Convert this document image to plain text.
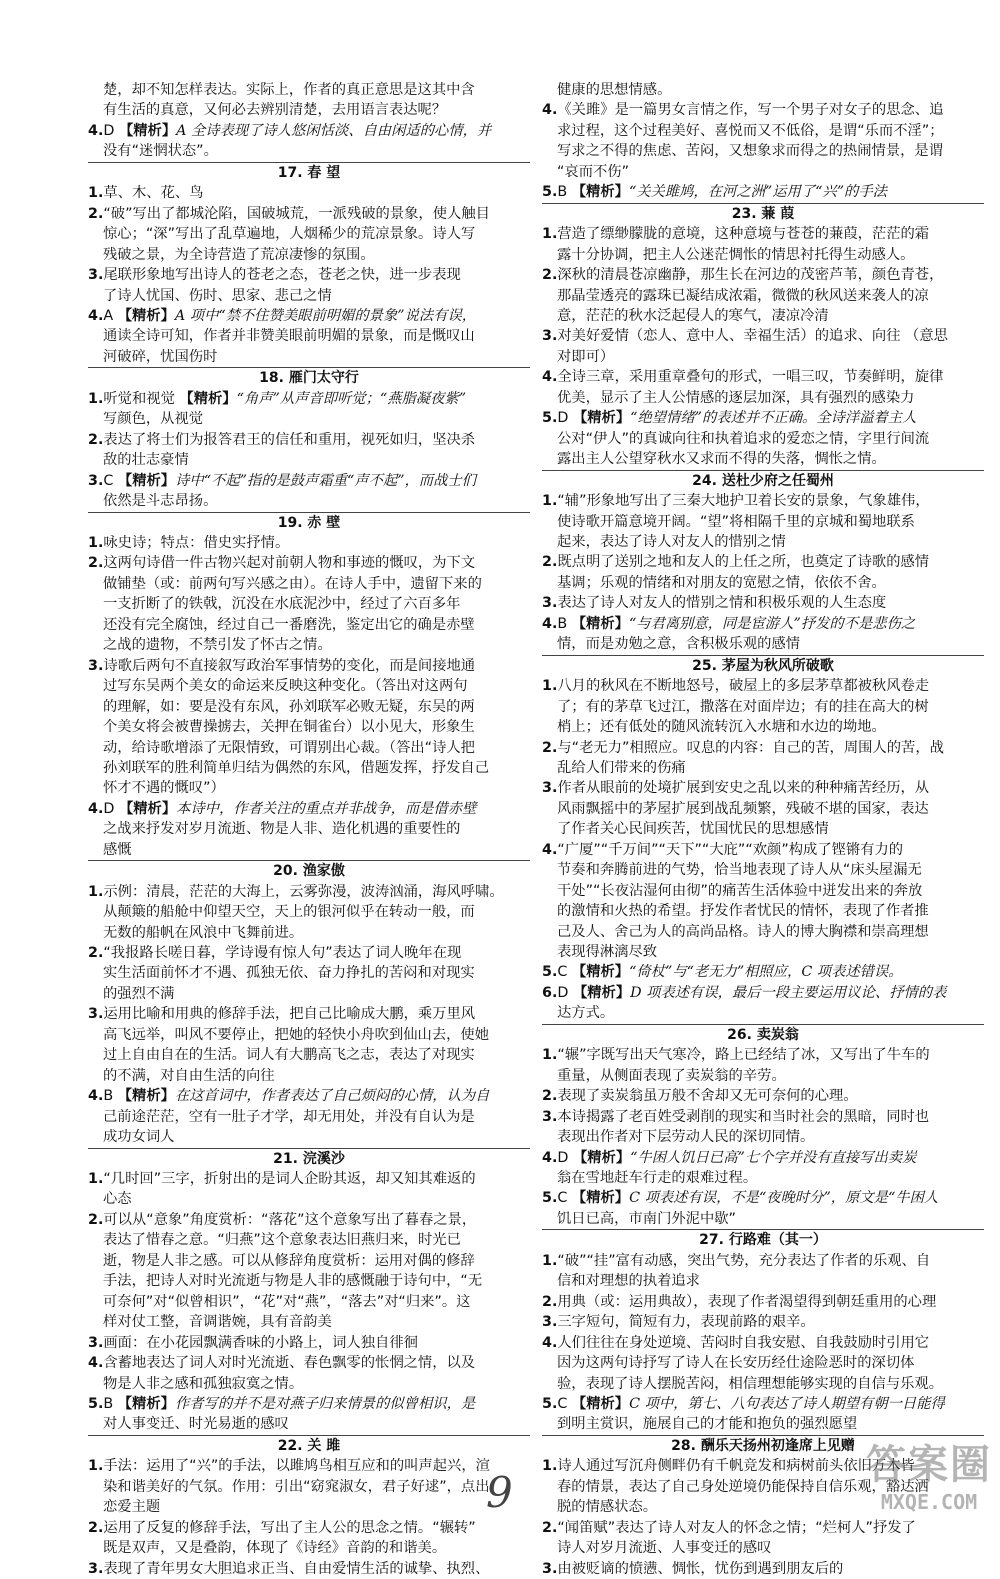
楚，却不知怎样表达。实际上，作者的真正意思是这其中含
有生活的真意，又何必去辨别清楚，去用语言表达呢？
4.D 【精析】A 全诗表现了诗人悠闲恬淡、自由闲适的心情，并
没有“迷惘状态”。
17. 春 望
1.草、木、花、鸟
2.“破”写出了都城沦陷，国破城荒，一派残破的景象，使人触目
惊心；“深”写出了乱草遍地，人烟稀少的荒凉景象。诗人写
残破之景，为全诗营造了荒凉凄惨的氛围。
3.尾联形象地写出诗人的苍老之态，苍老之快，进一步表现
了诗人忧国、伤时、思家、悲己之情
4.A 【精析】A 项中“禁不住赞美眼前明媚的景象”说法有误，
通读全诗可知，作者并非赞美眼前明媚的景象，而是慨叹山
河破碎，忧国伤时
18. 雁门太守行
1.听觉和视觉 【精析】“角声”从声音即听觉；“燕脂凝夜紫”
写颜色，从视觉
2.表达了将士们为报答君王的信任和重用，视死如归，坚决杀
敌的壮志豪情
3.C 【精析】诗中“不起”指的是鼓声霜重“声不起”，而战士们
依然是斗志昂扬。
19. 赤 壁
1.咏史诗；特点：借史实抒情。
2.这两句诗借一件古物兴起对前朝人物和事迹的慨叹，为下文
做铺垫（或：前两句写兴感之由）。在诗人手中，遗留下来的
一支折断了的铁戟，沉没在水底泥沙中，经过了六百多年
还没有完全腐蚀，经过自己一番磨洗，鉴定出它的确是赤壁
之战的遗物，不禁引发了怀古之情。
3.诗歌后两句不直接叙写政治军事情势的变化，而是间接地通
过写东吴两个美女的命运来反映这种变化。（答出对这两句
的理解，如：要是没有东风，孙刘联军必败无疑，东吴的两
个美女将会被曹操掳去，关押在铜雀台）以小见大，形象生
动，给诗歌增添了无限情致，可谓别出心裁。（答出“诗人把
孙刘联军的胜利简单归结为偶然的东风，借题发挥，抒发自己
怀才不遇的慨叹”）
4.D 【精析】本诗中，作者关注的重点并非战争，而是借赤壁
之战来抒发对岁月流逝、物是人非、造化机遇的重要性的
感慨
20. 渔家傲
1.示例：清晨，茫茫的大海上，云雾弥漫，波涛汹涌，海风呼啸。
从颠簸的船舱中仰望天空，天上的银河似乎在转动一般，而
无数的船帆在风浪中飞舞前进。
2.“我报路长嗟日暮，学诗谩有惊人句”表达了词人晚年在现
实生活面前怀才不遇、孤独无依、奋力挣扎的苦闷和对现实
的强烈不满
3.运用比喻和用典的修辞手法，把自己比喻成大鹏，乘万里风
高飞远举，叫风不要停止，把她的轻快小舟吹到仙山去，使她
过上自由自在的生活。词人有大鹏高飞之志，表达了对现实
的不满，对自由生活的向往
4.B 【精析】在这首词中，作者表达了自己烦闷的心情，认为自
己前途茫茫，空有一肚子才学，却无用处，并没有自认为是
成功女词人
21. 浣溪沙
1.“几时回”三字，折射出的是词人企盼其返，却又知其难返的
心态
2.可以从“意象”角度赏析：“落花”这个意象写出了暮春之景，
表达了惜春之意。“归燕”这个意象表达旧燕归来，时光已
逝，物是人非之感。可以从修辞角度赏析：运用对偶的修辞
手法，把诗人对时光流逝与物是人非的感慨融于诗句中，“无
可奈何”对“似曾相识”，“花”对“燕”，“落去”对“归来”。这
样对仗工整，音调谐婉，具有音韵美
3.画面：在小花园飘满香味的小路上，词人独自徘徊
4.含蓄地表达了词人对时光流逝、春色飘零的怅惘之情，以及
物是人非之感和孤独寂寞之情。
5.B 【精析】作者写的并不是对燕子归来情景的似曾相识，是
对人事变迁、时光易逝的感叹
22. 关 雎
1.手法：运用了“兴”的手法，以雎鸠鸟相互应和的叫声起兴，渲
染和谐美好的气氛。作用：引出“窈窕淑女，君子好逑”，点出
恋爱主题
2.运用了反复的修辞手法，写出了主人公的思念之情。“辗转”
既是双声，又是叠韵，体现了《诗经》音韵的和谐美。
3.表现了青年男女大胆追求正当、自由爱情生活的诚挚、执烈、
健康的思想情感。
4.《关雎》是一篇男女言情之作，写一个男子对女子的思念、追
求过程，这个过程美好、喜悦而又不低俗，是谓“乐而不淫”；
写求之不得的焦虑、苦闷，又想象求而得之的热闹情景，是谓
“哀而不伤”
5.B 【精析】“关关雎鸠，在河之洲”运用了“兴”的手法
23. 蒹 葭
1.营造了缥缈朦胧的意境，这种意境与苍苍的蒹葭，茫茫的霜
露十分协调，把主人公迷茫惆怅的情思衬托得生动感人。
2.深秋的清晨苍凉幽静，那生长在河边的茂密芦苇，颜色青苍，
那晶莹透亮的露珠已凝结成浓霜，微微的秋风送来袭人的凉
意，茫茫的秋水泛起侵人的寒气，凄凉冷清
3.对美好爱情（恋人、意中人、幸福生活）的追求、向往 （意思
对即可）
4.全诗三章，采用重章叠句的形式，一唱三叹，节奏鲜明，旋律
优美，显示了主人公情感的逐层加深，具有强烈的感染力
5.D 【精析】“绝望情绪”的表述并不正确。全诗洋溢着主人
公对“伊人”的真诚向往和执着追求的爱恋之情，字里行间流
露出主人公望穿秋水又求而不得的失落，惆怅之情。
24. 送杜少府之任蜀州
1.“辅”形象地写出了三秦大地护卫着长安的景象，气象雄伟，
使诗歌开篇意境开阔。“望”将相隔千里的京城和蜀地联系
起来，表达了诗人对友人的惜别之情
2.既点明了送别之地和友人的上任之所，也奠定了诗歌的感情
基调；乐观的情绪和对朋友的宽慰之情，依依不舍。
3.表达了诗人对友人的惜别之情和积极乐观的人生态度
4.B 【精析】“与君离别意，同是宦游人”抒发的不是悲伤之
情，而是劝勉之意，含积极乐观的感情
25. 茅屋为秋风所破歌
1.八月的秋风在不断地怒号，破屋上的多层茅草都被秋风卷走
了；有的茅草飞过江，撒落在对面岸边；有的挂在高大的树
梢上；还有低处的随风流转沉入水塘和水边的坳地。
2.与“老无力”相照应。叹息的内容：自己的苦，周围人的苦，战
乱给人们带来的伤痛
3.作者从眼前的处境扩展到安史之乱以来的种种痛苦经历，从
风雨飘摇中的茅屋扩展到战乱频繁，残破不堪的国家，表达
了作者关心民间疾苦，忧国忧民的思想感情
4.“广厦”“千万间”“天下”“大庇”“欢颜”构成了铿锵有力的
节奏和奔腾前进的气势，恰当地表现了诗人从“床头屋漏无
干处”“长夜沾湿何由彻”的痛苦生活体验中迸发出来的奔放
的激情和火热的希望。抒发作者忧民的情怀，表现了作者推
己及人、舍己为人的高尚品格。诗人的博大胸襟和崇高理想
表现得淋漓尽致
5.C 【精析】“倚杖”与“老无力”相照应，C 项表述错误。
6.D 【精析】D 项表述有误，最后一段主要运用议论、抒情的表
达方式。
26. 卖炭翁
1.“辗”字既写出天气寒冷，路上已经结了冰，又写出了牛车的
重量，从侧面表现了卖炭翁的辛劳。
2.表现了卖炭翁虽万般不舍却又无可奈何的心理。
3.本诗揭露了老百姓受剥削的现实和当时社会的黑暗，同时也
表现出作者对下层劳动人民的深切同情。
4.D 【精析】“牛困人饥日已高”七个字并没有直接写出卖炭
翁在雪地赶车行走的艰难过程。
5.C 【精析】C 项表述有误，不是“夜晚时分”，原文是“牛困人
饥日已高，市南门外泥中歇”
27. 行路难（其一）
1.“破”“挂”富有动感，突出气势，充分表达了作者的乐观、自
信和对理想的执着追求
2.用典（或：运用典故），表现了作者渴望得到朝廷重用的心理
3.三字短句，简短有力，表现前路的艰辛。
4.人们往往在身处逆境、苦闷时自我安慰、自我鼓励时引用它
因为这两句诗抒写了诗人在长安历经仕途险恶时的深切体
验，表现了诗人摆脱苦闷，相信理想能够实现的自信与乐观。
5.C 【精析】C 项中，第七、八句表达了诗人期望有朝一日能得
到明主赏识，施展自己的才能和抱负的强烈愿望
28. 酬乐天扬州初逢席上见赠
1.诗人通过写沉舟侧畔仍有千帆竞发和病树前头依旧万木皆
春的情景，表达了自己身处逆境仍能保持自信乐观，豁达洒
脱的情感状态。
2.“闻笛赋”表达了诗人对友人的怀念之情；“烂柯人”抒发了
诗人对岁月流逝、人事变迁的感叹
3.由被贬谪的愤懑、惆怅，忧伤到遇到朋友后的
9
答案圈
MXQE.COM
